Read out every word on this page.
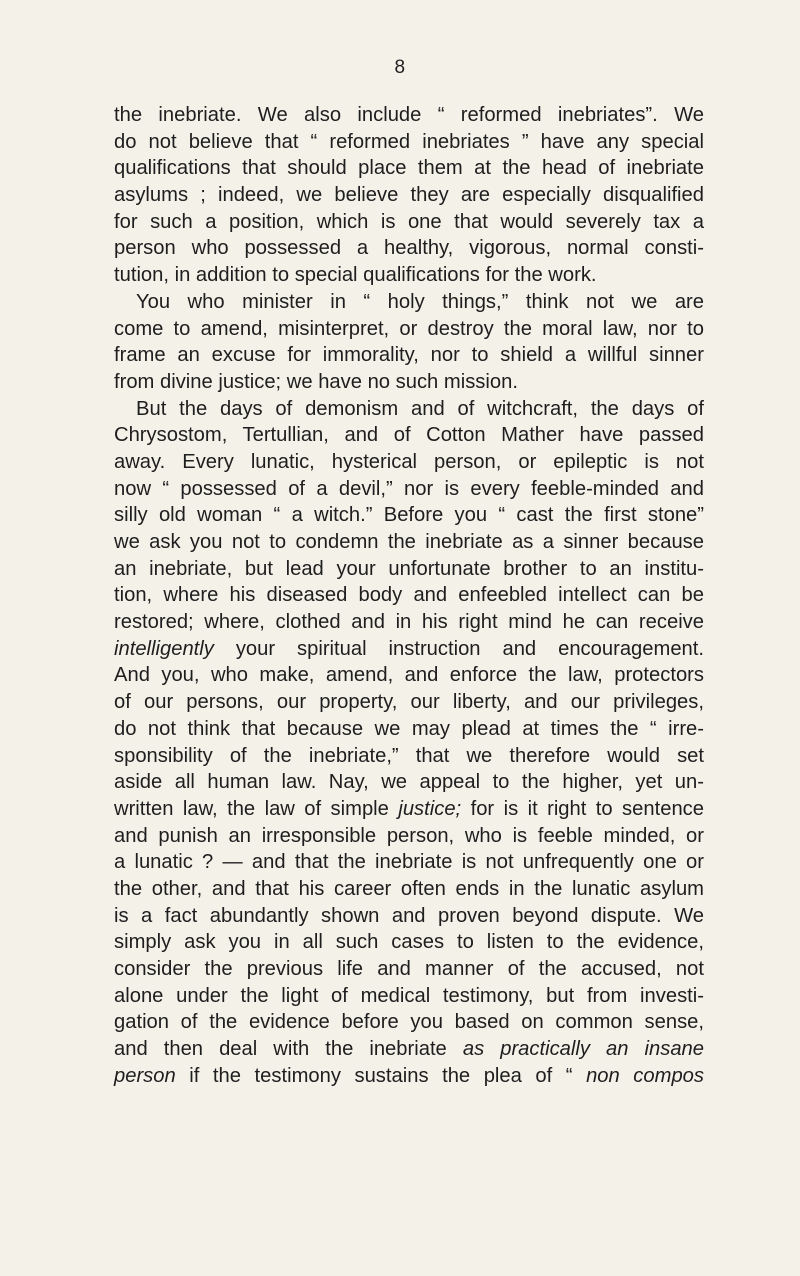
8
the inebriate. We also include “ reformed inebriates”. We
do not believe that “ reformed inebriates ” have any special
qualifications that should place them at the head of inebriate
asylums ; indeed, we believe they are especially disqualified
for such a position, which is one that would severely tax a
person who possessed a healthy, vigorous, normal consti-
tution, in addition to special qualifications for the work.
You who minister in “ holy things,” think not we are
come to amend, misinterpret, or destroy the moral law, nor to
frame an excuse for immorality, nor to shield a willful sinner
from divine justice; we have no such mission.
But the days of demonism and of witchcraft, the days of
Chrysostom, Tertullian, and of Cotton Mather have passed
away. Every lunatic, hysterical person, or epileptic is not
now “ possessed of a devil,” nor is every feeble-minded and
silly old woman “ a witch.” Before you “ cast the first stone”
we ask you not to condemn the inebriate as a sinner because
an inebriate, but lead your unfortunate brother to an institu-
tion, where his diseased body and enfeebled intellect can be
restored; where, clothed and in his right mind he can receive
intelligently your spiritual instruction and encouragement.
And you, who make, amend, and enforce the law, protectors
of our persons, our property, our liberty, and our privileges,
do not think that because we may plead at times the “ irre-
sponsibility of the inebriate,” that we therefore would set
aside all human law. Nay, we appeal to the higher, yet un-
written law, the law of simple justice; for is it right to sentence
and punish an irresponsible person, who is feeble minded, or
a lunatic ? — and that the inebriate is not unfrequently one or
the other, and that his career often ends in the lunatic asylum
is a fact abundantly shown and proven beyond dispute. We
simply ask you in all such cases to listen to the evidence,
consider the previous life and manner of the accused, not
alone under the light of medical testimony, but from investi-
gation of the evidence before you based on common sense,
and then deal with the inebriate as practically an insane
person if the testimony sustains the plea of “ non compos
